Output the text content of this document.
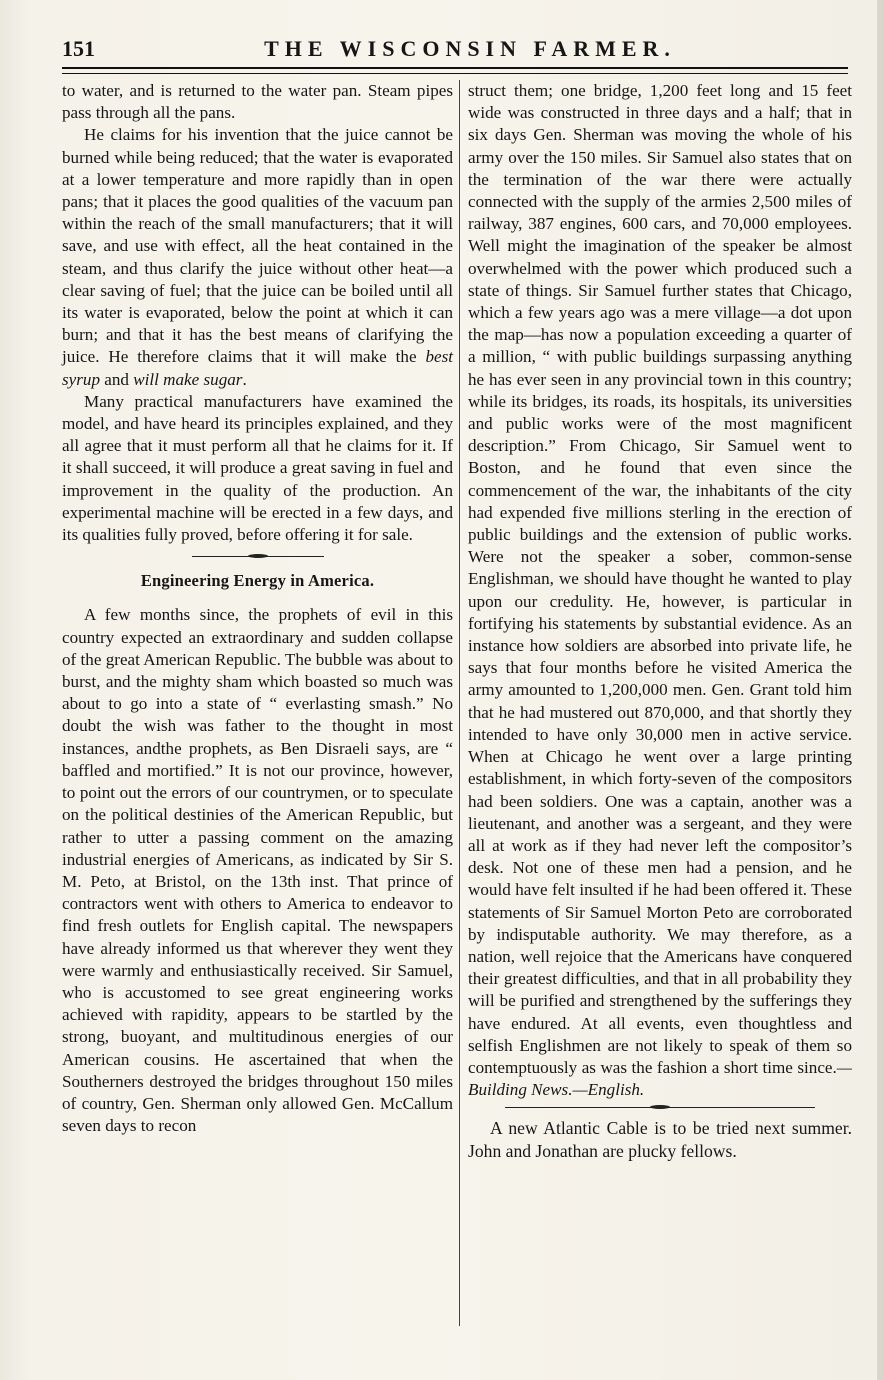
151	THE WISCONSIN FARMER.

to water, and is returned to the water pan. Steam pipes pass through all the pans.

He claims for his invention that the juice cannot be burned while being reduced; that the water is evaporated at a lower temperature and more rapidly than in open pans; that it places the good qualities of the vacuum pan within the reach of the small manufacturers; that it will save, and use with effect, all the heat contained in the steam, and thus clarify the juice without other heat—a clear saving of fuel; that the juice can be boiled until all its water is evaporated, below the point at which it can burn; and that it has the best means of clarifying the juice. He therefore claims that it will make the best syrup and will make sugar.

Many practical manufacturers have examined the model, and have heard its principles explained, and they all agree that it must perform all that he claims for it. If it shall succeed, it will produce a great saving in fuel and improvement in the quality of the production. An experimental machine will be erected in a few days, and its qualities fully proved, before offering it for sale.

Engineering Energy in America.

A few months since, the prophets of evil in this country expected an extraordinary and sudden collapse of the great American Republic. The bubble was about to burst, and the mighty sham which boasted so much was about to go into a state of “ everlasting smash.” No doubt the wish was father to the thought in most instances, andthe prophets, as Ben Disraeli says, are “ baffled and mortified.” It is not our province, however, to point out the errors of our countrymen, or to speculate on the political destinies of the American Republic, but rather to utter a passing comment on the amazing industrial energies of Americans, as indicated by Sir S. M. Peto, at Bristol, on the 13th inst. That prince of contractors went with others to America to endeavor to find fresh outlets for English capital. The newspapers have already informed us that wherever they went they were warmly and enthusiastically received. Sir Samuel, who is accustomed to see great engineering works achieved with rapidity, appears to be startled by the strong, buoyant, and multitudinous energies of our American cousins. He ascertained that when the Southerners destroyed the bridges throughout 150 miles of country, Gen. Sherman only allowed Gen. McCallum seven days to recon

struct them; one bridge, 1,200 feet long and 15 feet wide was constructed in three days and a half; that in six days Gen. Sherman was moving the whole of his army over the 150 miles. Sir Samuel also states that on the termination of the war there were actually connected with the supply of the armies 2,500 miles of railway, 387 engines, 600 cars, and 70,000 employees. Well might the imagination of the speaker be almost overwhelmed with the power which produced such a state of things. Sir Samuel further states that Chicago, which a few years ago was a mere village—a dot upon the map—has now a population exceeding a quarter of a million, “ with public buildings surpassing anything he has ever seen in any provincial town in this country; while its bridges, its roads, its hospitals, its universities and public works were of the most magnificent description.” From Chicago, Sir Samuel went to Boston, and he found that even since the commencement of the war, the inhabitants of the city had expended five millions sterling in the erection of public buildings and the extension of public works. Were not the speaker a sober, common-sense Englishman, we should have thought he wanted to play upon our credulity. He, however, is particular in fortifying his statements by substantial evidence. As an instance how soldiers are absorbed into private life, he says that four months before he visited America the army amounted to 1,200,000 men. Gen. Grant told him that he had mustered out 870,000, and that shortly they intended to have only 30,000 men in active service. When at Chicago he went over a large printing establishment, in which forty-seven of the compositors had been soldiers. One was a captain, another was a lieutenant, and another was a sergeant, and they were all at work as if they had never left the compositor’s desk. Not one of these men had a pension, and he would have felt insulted if he had been offered it. These statements of Sir Samuel Morton Peto are corroborated by indisputable authority. We may therefore, as a nation, well rejoice that the Americans have conquered their greatest difficulties, and that in all probability they will be purified and strengthened by the sufferings they have endured. At all events, even thoughtless and selfish Englishmen are not likely to speak of them so contemptuously as was the fashion a short time since.—Building News.—English.

A new Atlantic Cable is to be tried next summer. John and Jonathan are plucky fellows.
